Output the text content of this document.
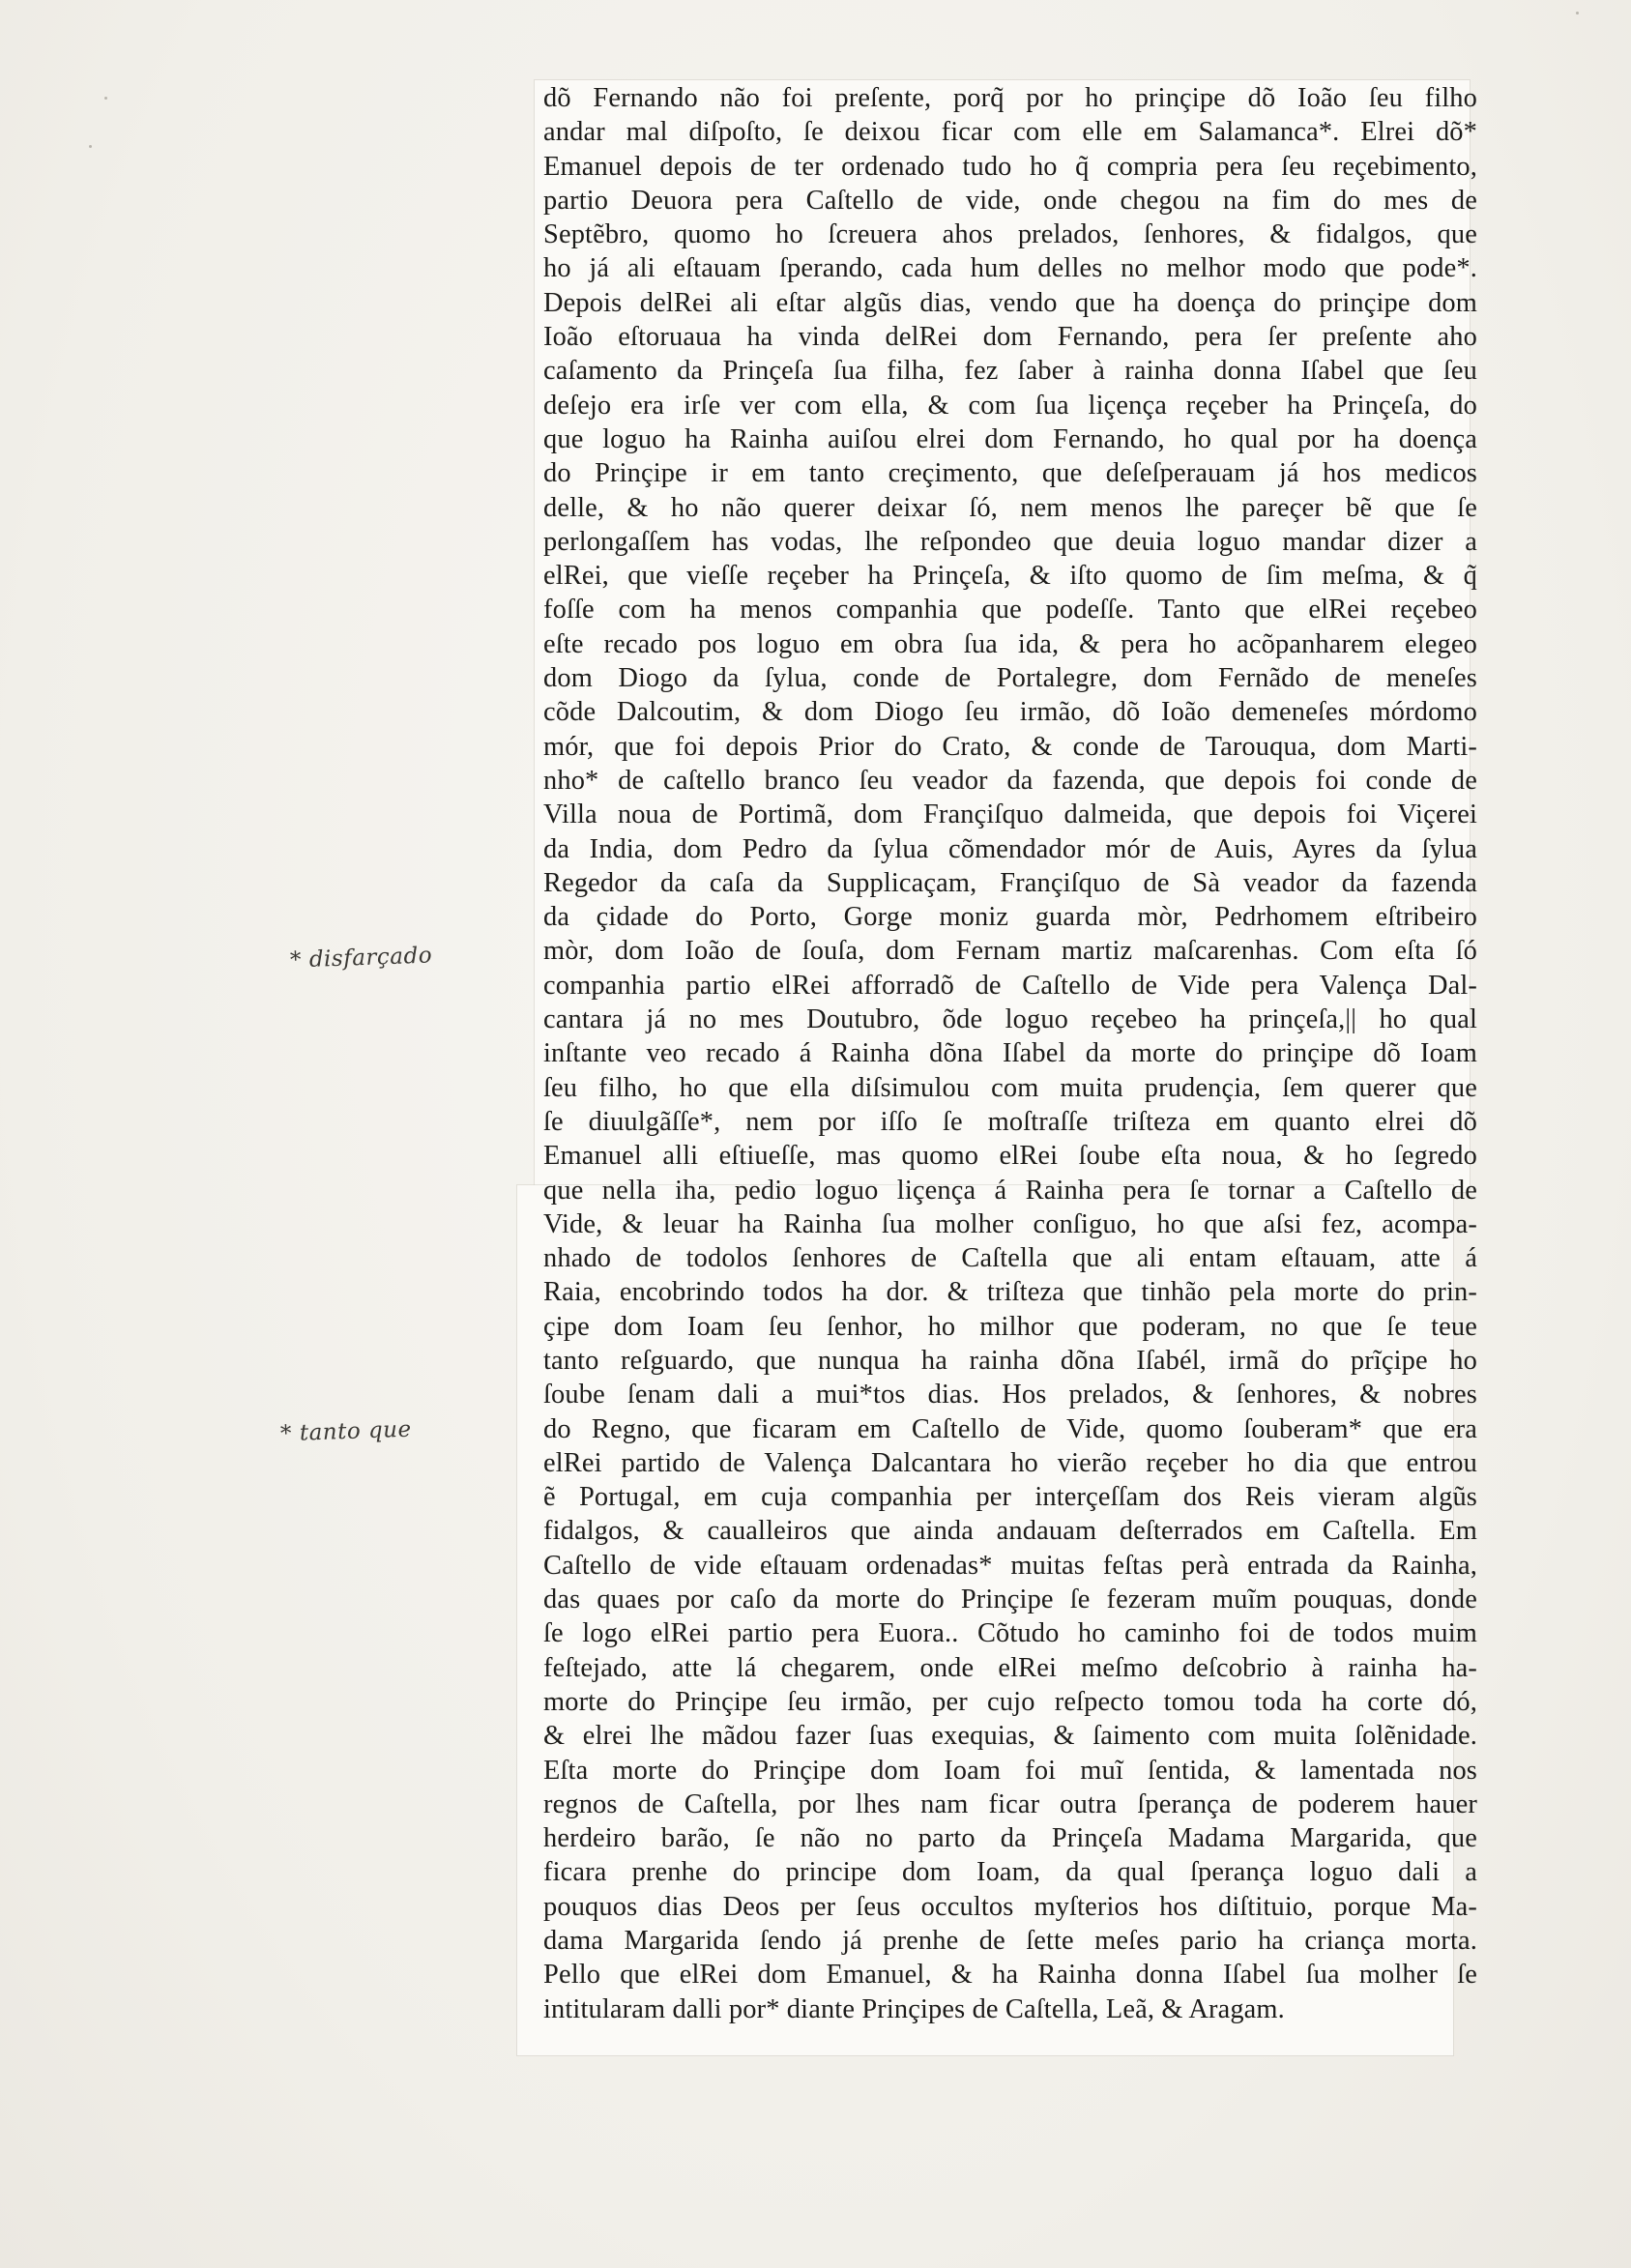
* disfarçado
* tanto que
dõ Fernando não foi preſente, porq̃ por ho prinçipe dõ Ioão ſeu filho
andar mal diſpoſto, ſe deixou ficar com elle em Salamanca*. Elrei dõ*
Emanuel depois de ter ordenado tudo ho q̃ compria pera ſeu reçebimento,
partio Deuora pera Caſtello de vide, onde chegou na fim do mes de
Septẽbro, quomo ho ſcreuera ahos prelados, ſenhores, & fidalgos, que
ho já ali eſtauam ſperando, cada hum delles no melhor modo que pode*.
Depois delRei ali eſtar algũs dias, vendo que ha doença do prinçipe dom
Ioão eſtoruaua ha vinda delRei dom Fernando, pera ſer preſente aho
caſamento da Prinçeſa ſua filha, fez ſaber à rainha donna Iſabel que ſeu
deſejo era irſe ver com ella, & com ſua liçença reçeber ha Prinçeſa, do
que loguo ha Rainha auiſou elrei dom Fernando, ho qual por ha doença
do Prinçipe ir em tanto creçimento, que deſeſperauam já hos medicos
delle, & ho não querer deixar ſó, nem menos lhe pareçer bẽ que ſe
perlongaſſem has vodas, lhe reſpondeo que deuia loguo mandar dizer a
elRei, que vieſſe reçeber ha Prinçeſa, & iſto quomo de ſim meſma, & q̃
foſſe com ha menos companhia que podeſſe. Tanto que elRei reçebeo
eſte recado pos loguo em obra ſua ida, & pera ho acõpanharem elegeo
dom Diogo da ſylua, conde de Portalegre, dom Fernãdo de meneſes
cõde Dalcoutim, & dom Diogo ſeu irmão, dõ Ioão demeneſes mórdomo
mór, que foi depois Prior do Crato, & conde de Tarouqua, dom Marti-
nho* de caſtello branco ſeu veador da fazenda, que depois foi conde de
Villa noua de Portimã, dom Françiſquo dalmeida, que depois foi Viçerei
da India, dom Pedro da ſylua cõmendador mór de Auis, Ayres da ſylua
Regedor da caſa da Supplicaçam, Françiſquo de Sà veador da fazenda
da çidade do Porto, Gorge moniz guarda mòr, Pedrhomem eſtribeiro
mòr, dom Ioão de ſouſa, dom Fernam martiz maſcarenhas. Com eſta ſó
companhia partio elRei afforradõ de Caſtello de Vide pera Valença Dal-
cantara já no mes Doutubro, õde loguo reçebeo ha prinçeſa,|| ho qual
inſtante veo recado á Rainha dõna Iſabel da morte do prinçipe dõ Ioam
ſeu filho, ho que ella diſsimulou com muita prudençia, ſem querer que
ſe diuulgãſſe*, nem por iſſo ſe moſtraſſe triſteza em quanto elrei dõ
Emanuel alli eſtiueſſe, mas quomo elRei ſoube eſta noua, & ho ſegredo
que nella iha, pedio loguo liçença á Rainha pera ſe tornar a Caſtello de
Vide, & leuar ha Rainha ſua molher conſiguo, ho que aſsi fez, acompa-
nhado de todolos ſenhores de Caſtella que ali entam eſtauam, atte á
Raia, encobrindo todos ha dor. & triſteza que tinhão pela morte do prin-
çipe dom Ioam ſeu ſenhor, ho milhor que poderam, no que ſe teue
tanto reſguardo, que nunqua ha rainha dõna Iſabél, irmã do prĩçipe ho
ſoube ſenam dali a mui*tos dias. Hos prelados, & ſenhores, & nobres
do Regno, que ficaram em Caſtello de Vide, quomo ſouberam* que era
elRei partido de Valença Dalcantara ho vierão reçeber ho dia que entrou
ẽ Portugal, em cuja companhia per interçeſſam dos Reis vieram algũs
fidalgos, & caualleiros que ainda andauam deſterrados em Caſtella. Em
Caſtello de vide eſtauam ordenadas* muitas feſtas perà entrada da Rainha,
das quaes por caſo da morte do Prinçipe ſe fezeram muĩm pouquas, donde
ſe logo elRei partio pera Euora.. Cõtudo ho caminho foi de todos muim
feſtejado, atte lá chegarem, onde elRei meſmo deſcobrio à rainha ha-
morte do Prinçipe ſeu irmão, per cujo reſpecto tomou toda ha corte dó,
& elrei lhe mãdou fazer ſuas exequias, & ſaimento com muita ſolẽnidade.
Eſta morte do Prinçipe dom Ioam foi muĩ ſentida, & lamentada nos
regnos de Caſtella, por lhes nam ficar outra ſperança de poderem hauer
herdeiro barão, ſe não no parto da Prinçeſa Madama Margarida, que
ficara prenhe do principe dom Ioam, da qual ſperança loguo dali a
pouquos dias Deos per ſeus occultos myſterios hos diſtituio, porque Ma-
dama Margarida ſendo já prenhe de ſette meſes pario ha criança morta.
Pello que elRei dom Emanuel, & ha Rainha donna Iſabel ſua molher ſe
intitularam dalli por* diante Prinçipes de Caſtella, Leã, & Aragam.
